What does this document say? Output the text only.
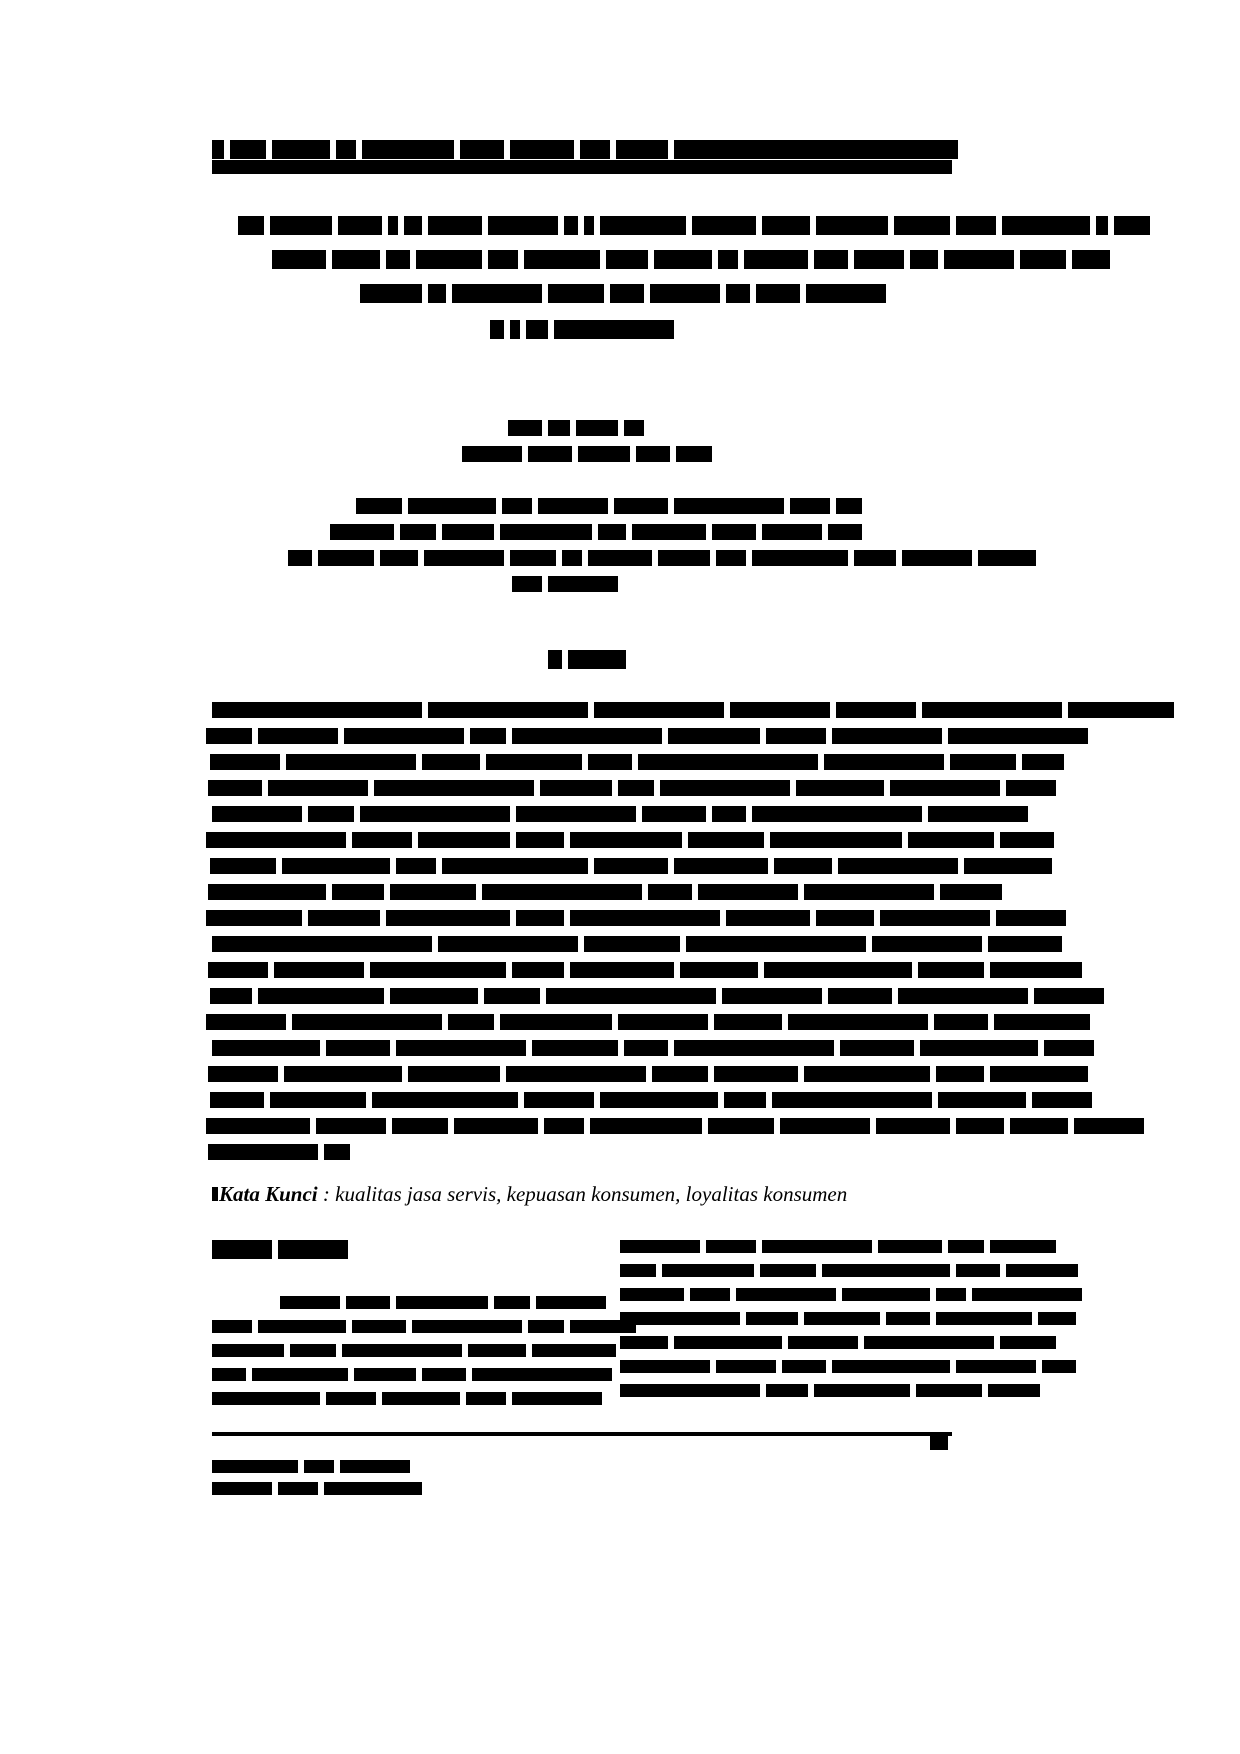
Kata Kunci : kualitas jasa servis, kepuasan konsumen, loyalitas konsumen
